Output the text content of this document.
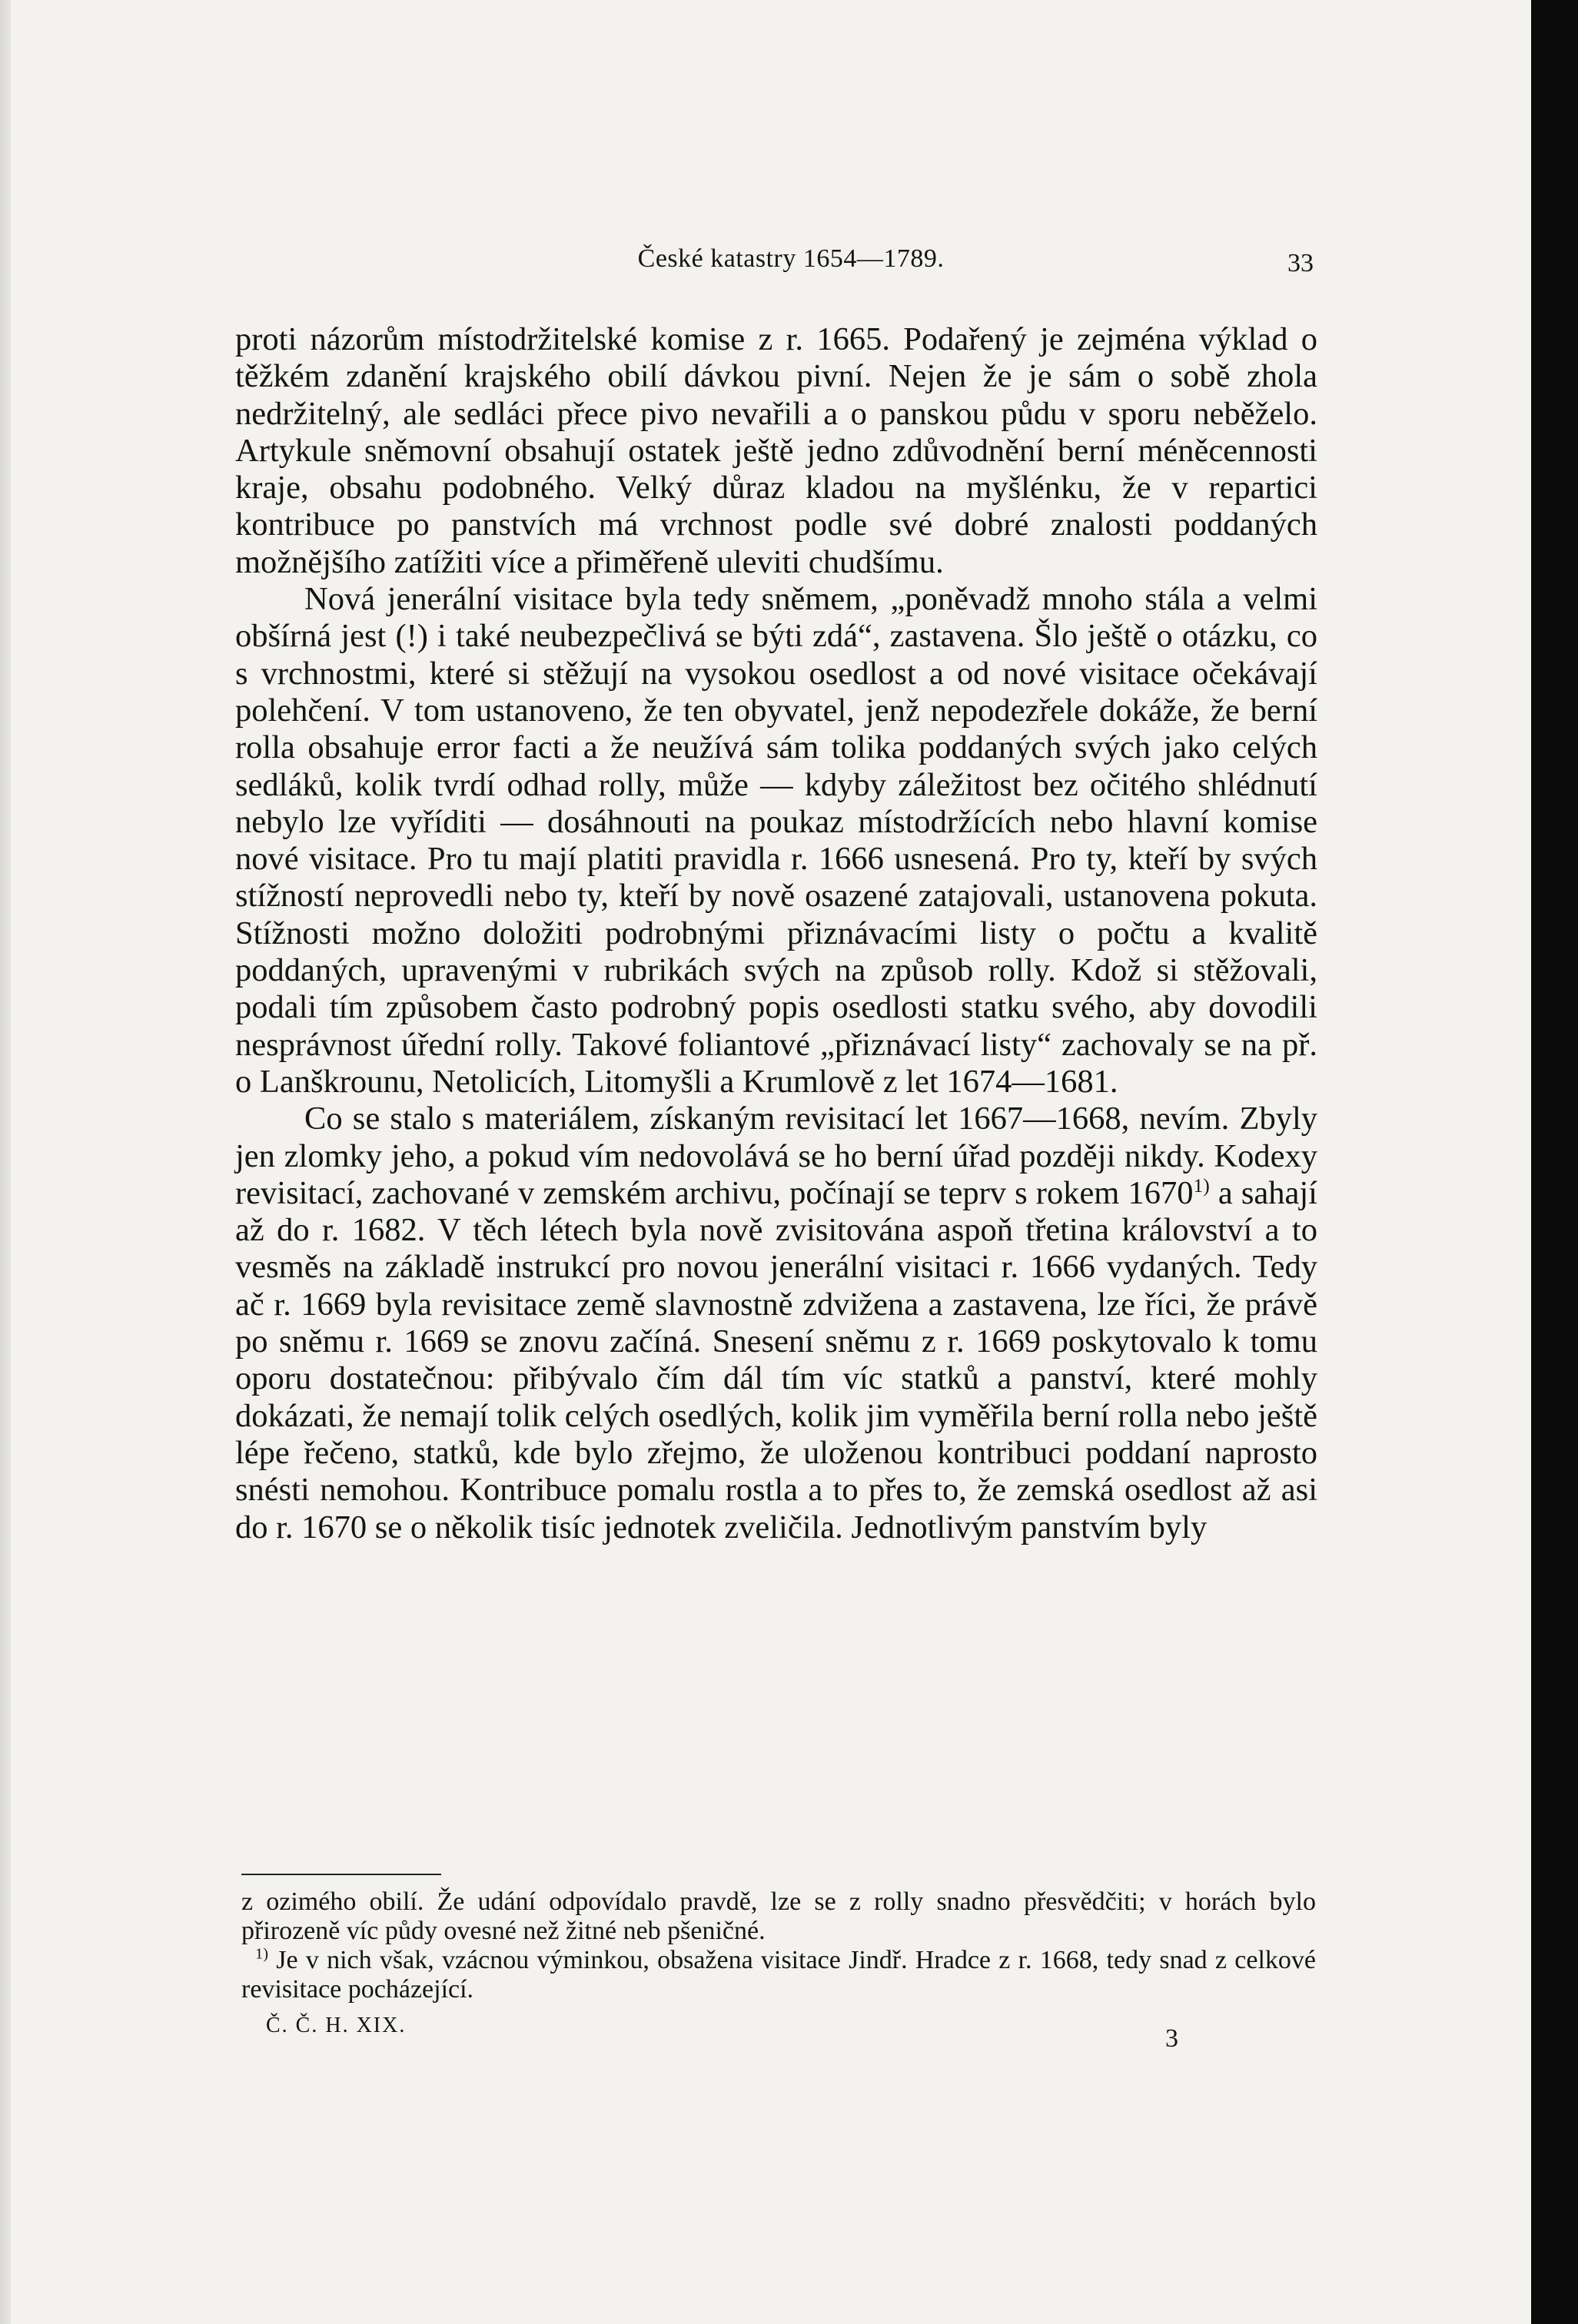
České katastry 1654—1789.	33

proti názorům místodržitelské komise z r. 1665. Podařený je zejména výklad o těžkém zdanění krajského obilí dávkou pivní. Nejen že je sám o sobě zhola nedržitelný, ale sedláci přece pivo nevařili a o panskou půdu v sporu neběželo. Artykule sněmovní obsahují ostatek ještě jedno zdůvodnění berní méněcennosti kraje, obsahu podobného. Velký důraz kladou na myšlénku, že v repartici kontribuce po panstvích má vrchnost podle své dobré znalosti poddaných možnějšího zatížiti více a přiměřeně uleviti chudšímu.

Nová jenerální visitace byla tedy sněmem, „poněvadž mnoho stála a velmi obšírná jest (!) i také neubezpečlivá se býti zdá“, zastavena. Šlo ještě o otázku, co s vrchnostmi, které si stěžují na vysokou osedlost a od nové visitace očekávají polehčení. V tom ustanoveno, že ten obyvatel, jenž nepodezřele dokáže, že berní rolla obsahuje error facti a že neužívá sám tolika poddaných svých jako celých sedláků, kolik tvrdí odhad rolly, může — kdyby záležitost bez očitého shlédnutí nebylo lze vyříditi — dosáhnouti na poukaz místodržících nebo hlavní komise nové visitace. Pro tu mají platiti pravidla r. 1666 usnesená. Pro ty, kteří by svých stížností neprovedli nebo ty, kteří by nově osazené zatajovali, ustanovena pokuta. Stížnosti možno doložiti podrobnými přiznávacími listy o počtu a kvalitě poddaných, upravenými v rubrikách svých na způsob rolly. Kdož si stěžovali, podali tím způsobem často podrobný popis osedlosti statku svého, aby dovodili nesprávnost úřední rolly. Takové foliantové „přiznávací listy“ zachovaly se na př. o Lanškrounu, Netolicích, Litomyšli a Krumlově z let 1674—1681.

Co se stalo s materiálem, získaným revisitací let 1667—1668, nevím. Zbyly jen zlomky jeho, a pokud vím nedovolává se ho berní úřad později nikdy. Kodexy revisitací, zachované v zemském archivu, počínají se teprv s rokem 1670$^{1)}$ a sahají až do r. 1682. V těch létech byla nově zvisitována aspoň třetina království a to vesměs na základě instrukcí pro novou jenerální visitaci r. 1666 vydaných. Tedy ač r. 1669 byla revisitace země slavnostně zdvižena a zastavena, lze říci, že právě po sněmu r. 1669 se znovu začíná. Snesení sněmu z r. 1669 poskytovalo k tomu oporu dostatečnou: přibývalo čím dál tím víc statků a panství, které mohly dokázati, že nemají tolik celých osedlých, kolik jim vyměřila berní rolla nebo ještě lépe řečeno, statků, kde bylo zřejmo, že uloženou kontribuci poddaní naprosto snésti nemohou. Kontribuce pomalu rostla a to přes to, že zemská osedlost až asi do r. 1670 se o několik tisíc jednotek zveličila. Jednotlivým panstvím byly

z ozimého obilí. Že udání odpovídalo pravdě, lze se z rolly snadno přesvědčiti; v horách bylo přirozeně víc půdy ovesné než žitné neb pšeničné.

$^{1)}$ Je v nich však, vzácnou výminkou, obsažena visitace Jindř. Hradce z r. 1668, tedy snad z celkové revisitace pocházející.

Č. Č. H. XIX.	3
